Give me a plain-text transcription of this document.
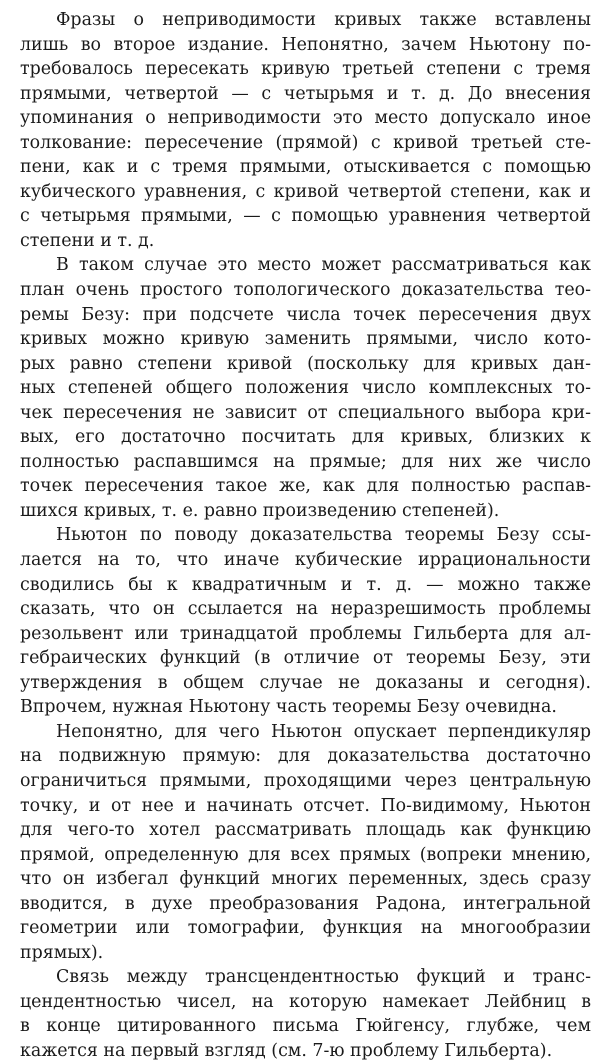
Фразы о неприводимости кривых также вставлены
лишь во второе издание. Непонятно, зачем Ньютону по-
требовалось пересекать кривую третьей степени с тремя
прямыми, четвертой — с четырьмя и т. д. До внесения
упоминания о неприводимости это место допускало иное
толкование: пересечение (прямой) с кривой третьей сте-
пени, как и с тремя прямыми, отыскивается с помощью
кубического уравнения, с кривой четвертой степени, как и
с четырьмя прямыми, — с помощью уравнения четвертой
степени и т. д.
В таком случае это место может рассматриваться как
план очень простого топологического доказательства тео-
ремы Безу: при подсчете числа точек пересечения двух
кривых можно кривую заменить прямыми, число кото-
рых равно степени кривой (поскольку для кривых дан-
ных степеней общего положения число комплексных то-
чек пересечения не зависит от специального выбора кри-
вых, его достаточно посчитать для кривых, близких к
полностью распавшимся на прямые; для них же число
точек пересечения такое же, как для полностью распав-
шихся кривых, т. е. равно произведению степеней).
Ньютон по поводу доказательства теоремы Безу ссы-
лается на то, что иначе кубические иррациональности
сводились бы к квадратичным и т. д. — можно также
сказать, что он ссылается на неразрешимость проблемы
резольвент или тринадцатой проблемы Гильберта для ал-
гебраических функций (в отличие от теоремы Безу, эти
утверждения в общем случае не доказаны и сегодня).
Впрочем, нужная Ньютону часть теоремы Безу очевидна.
Непонятно, для чего Ньютон опускает перпендикуляр
на подвижную прямую: для доказательства достаточно
ограничиться прямыми, проходящими через центральную
точку, и от нее и начинать отсчет. По-видимому, Ньютон
для чего-то хотел рассматривать площадь как функцию
прямой, определенную для всех прямых (вопреки мнению,
что он избегал функций многих переменных, здесь сразу
вводится, в духе преобразования Радона, интегральной
геометрии или томографии, функция на многообразии
прямых).
Связь между трансцендентностью фукций и транс-
цендентностью чисел, на которую намекает Лейбниц в
в конце цитированного письма Гюйгенсу, глубже, чем
кажется на первый взгляд (см. 7-ю проблему Гильберта).
